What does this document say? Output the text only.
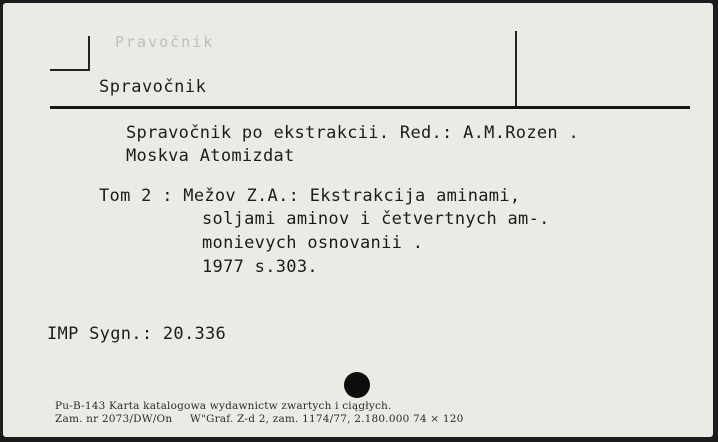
Pravočnik
Spravočnik
Spravočnik po ekstrakcii. Red.: A.M.Rozen .
Moskva Atomizdat
Tom 2 : Mežov Z.A.: Ekstrakcija aminami,
soljami aminov i četvertnych am-.
monievych osnovanii .
1977 s.303.
IMP Sygn.: 20.336
Pu-B-143 Karta katalogowa wydawnictw zwartych i ciągłych.
Zam. nr 2073/DW/On     W"Graf. Z-d 2, zam. 1174/77, 2.180.000 74 × 120
